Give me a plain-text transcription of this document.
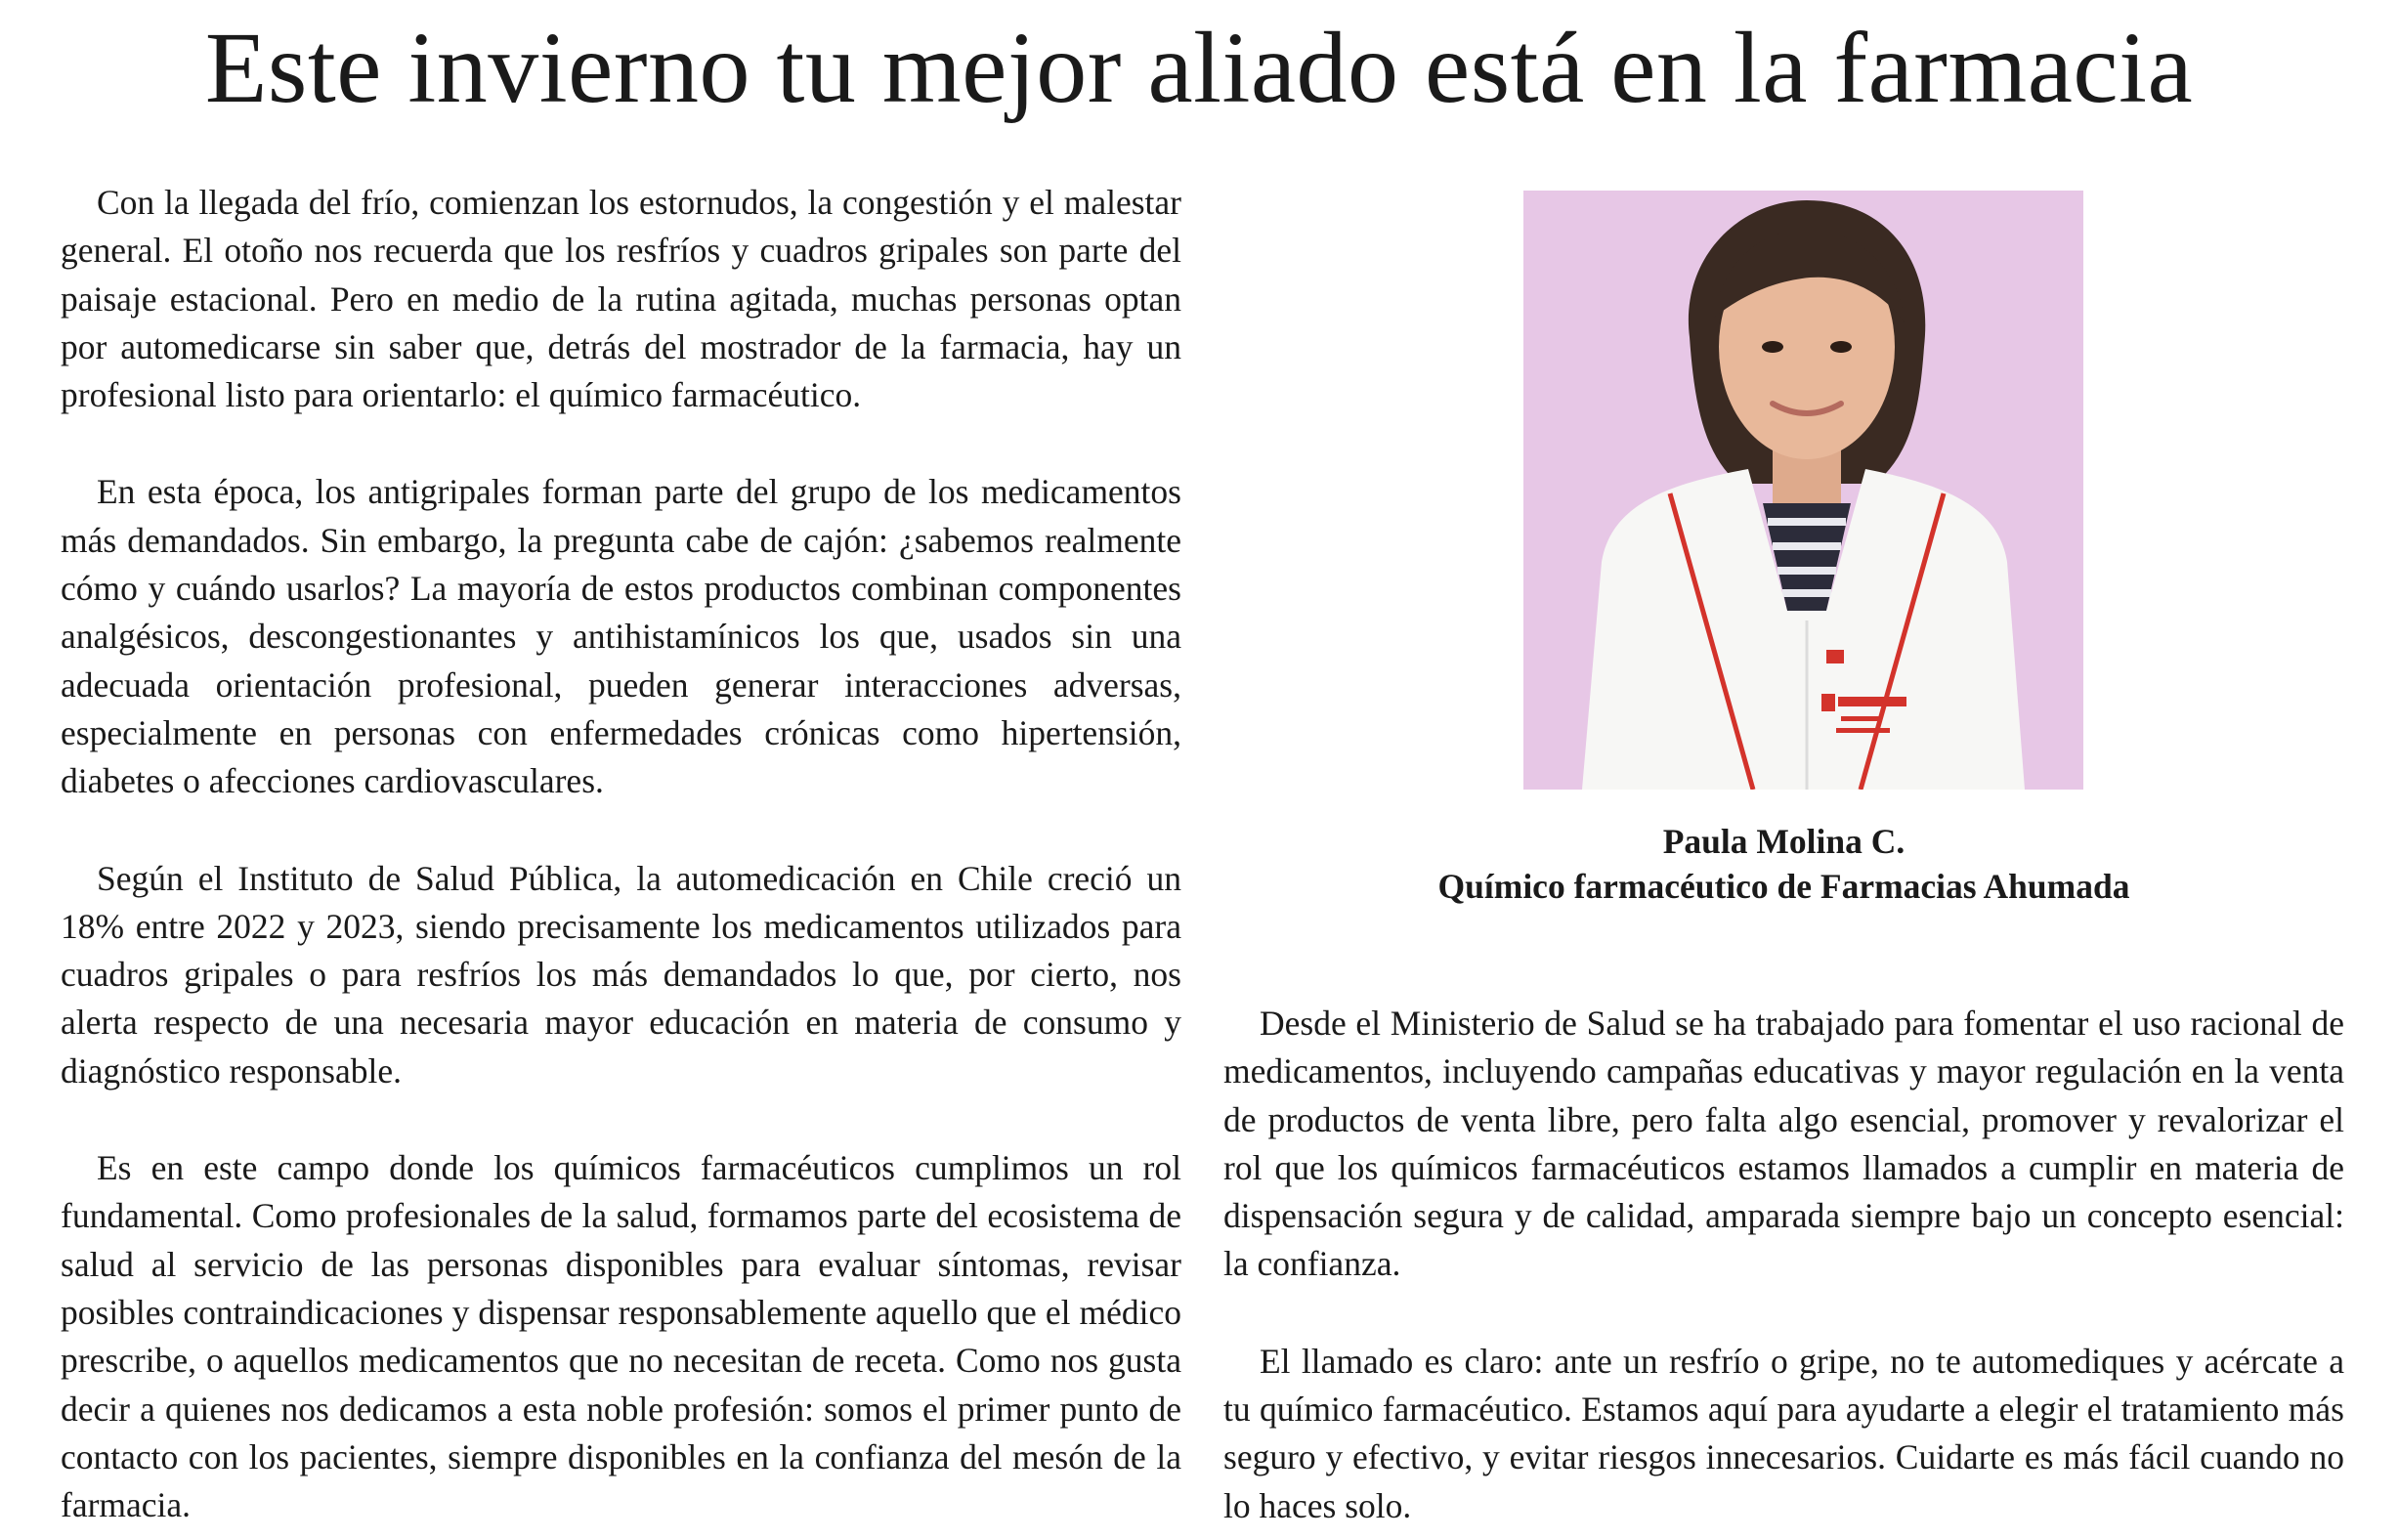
Este invierno tu mejor aliado está en la farmacia

Con la llegada del frío, comienzan los estornudos, la congestión y el malestar general. El otoño nos recuerda que los resfríos y cuadros gripales son parte del paisaje estacional. Pero en medio de la rutina agitada, muchas personas optan por automedicarse sin saber que, detrás del mostrador de la farmacia, hay un profesional listo para orientarlo: el químico farmacéutico.

En esta época, los antigripales forman parte del grupo de los medicamentos más demandados. Sin embargo, la pregunta cabe de cajón: ¿sabemos realmente cómo y cuándo usarlos? La mayoría de estos productos combinan componentes analgésicos, descongestionantes y antihistamínicos los que, usados sin una adecuada orientación profesional, pueden generar interacciones adversas, especialmente en personas con enfermedades crónicas como hipertensión, diabetes o afecciones cardiovasculares.

Según el Instituto de Salud Pública, la automedicación en Chile creció un 18% entre 2022 y 2023, siendo precisamente los medicamentos utilizados para cuadros gripales o para resfríos los más demandados lo que, por cierto, nos alerta respecto de una necesaria mayor educación en materia de consumo y diagnóstico responsable.

Es en este campo donde los químicos farmacéuticos cumplimos un rol fundamental. Como profesionales de la salud, formamos parte del ecosistema de salud al servicio de las personas disponibles para evaluar síntomas, revisar posibles contraindicaciones y dispensar responsablemente aquello que el médico prescribe, o aquellos medicamentos que no necesitan de receta. Como nos gusta decir a quienes nos dedicamos a esta noble profesión: somos el primer punto de contacto con los pacientes, siempre disponibles en la confianza del mesón de la farmacia.

Paula Molina C.
Químico farmacéutico de Farmacias Ahumada

Desde el Ministerio de Salud se ha trabajado para fomentar el uso racional de medicamentos, incluyendo campañas educativas y mayor regulación en la venta de productos de venta libre, pero falta algo esencial, promover y revalorizar el rol que los químicos farmacéuticos estamos llamados a cumplir en materia de dispensación segura y de calidad, amparada siempre bajo un concepto esencial: la confianza.

El llamado es claro: ante un resfrío o gripe, no te automediques y acércate a tu químico farmacéutico. Estamos aquí para ayudarte a elegir el tratamiento más seguro y efectivo, y evitar riesgos innecesarios. Cuidarte es más fácil cuando no lo haces solo.
